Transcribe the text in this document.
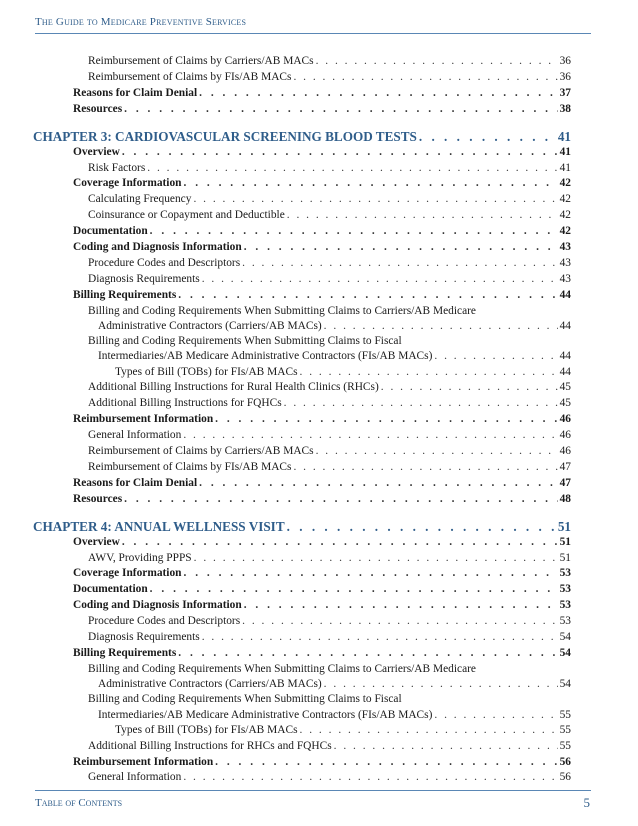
The Guide to Medicare Preventive Services
Reimbursement of Claims by Carriers/AB MACs . . .	36
Reimbursement of Claims by FIs/AB MACs . . .	36
Reasons for Claim Denial . . .	37
Resources . . .	38
CHAPTER 3: CARDIOVASCULAR SCREENING BLOOD TESTS . . .	41
Overview . . .	41
Risk Factors . . .	41
Coverage Information . . .	42
Calculating Frequency . . .	42
Coinsurance or Copayment and Deductible . . .	42
Documentation . . .	42
Coding and Diagnosis Information . . .	43
Procedure Codes and Descriptors . . .	43
Diagnosis Requirements . . .	43
Billing Requirements . . .	44
Billing and Coding Requirements When Submitting Claims to Carriers/AB Medicare
Administrative Contractors (Carriers/AB MACs) . . .	44
Billing and Coding Requirements When Submitting Claims to Fiscal
Intermediaries/AB Medicare Administrative Contractors (FIs/AB MACs) . . .	44
Types of Bill (TOBs) for FIs/AB MACs . . .	44
Additional Billing Instructions for Rural Health Clinics (RHCs) . . .	45
Additional Billing Instructions for FQHCs . . .	45
Reimbursement Information . . .	46
General Information . . .	46
Reimbursement of Claims by Carriers/AB MACs . . .	46
Reimbursement of Claims by FIs/AB MACs . . .	47
Reasons for Claim Denial . . .	47
Resources . . .	48
CHAPTER 4: ANNUAL WELLNESS VISIT . . .	51
Overview . . .	51
AWV, Providing PPPS . . .	51
Coverage Information . . .	53
Documentation . . .	53
Coding and Diagnosis Information . . .	53
Procedure Codes and Descriptors . . .	53
Diagnosis Requirements . . .	54
Billing Requirements . . .	54
Billing and Coding Requirements When Submitting Claims to Carriers/AB Medicare
Administrative Contractors (Carriers/AB MACs) . . .	54
Billing and Coding Requirements When Submitting Claims to Fiscal
Intermediaries/AB Medicare Administrative Contractors (FIs/AB MACs) . . .	55
Types of Bill (TOBs) for FIs/AB MACs . . .	55
Additional Billing Instructions for RHCs and FQHCs . . .	55
Reimbursement Information . . .	56
General Information . . .	56
Table of Contents	5
